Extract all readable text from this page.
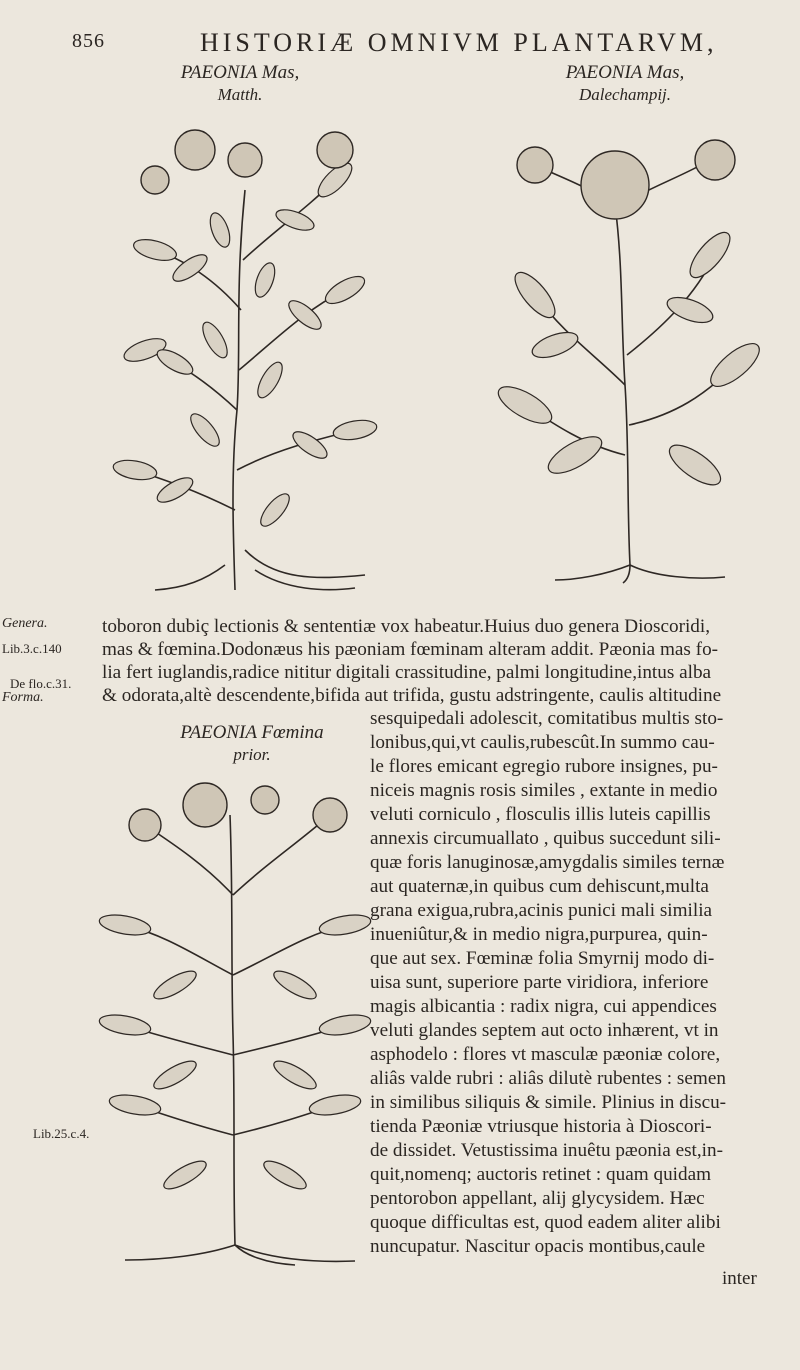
856	HISTORIÆ OMNIVM PLANTARVM,
PAEONIA Mas,
Matth.
PAEONIA Mas,
Dalechampij.
PAEONIA Fœmina
prior.
Genera.
Lib.3.c.140
De flo.c.31.
Forma.
Lib.25.c.4.
toboron dubiç lectionis & sententiæ vox habeatur.Huius duo genera Dioscoridi,
mas & fœmina.Dodonæus his pæoniam fœminam alteram addit. Pæonia mas fo-
lia fert iuglandis,radice nititur digitali crassitudine, palmi longitudine,intus alba
& odorata,altè descendente,bifida aut trifida, gustu adstringente, caulis altitudine
sesquipedali adolescit, comitatibus multis sto-
lonibus,qui,vt caulis,rubescût.In summo cau-
le flores emicant egregio rubore insignes, pu-
niceis magnis rosis similes , extante in medio
veluti corniculo , flosculis illis luteis capillis
annexis circumuallato , quibus succedunt sili-
quæ foris lanuginosæ,amygdalis similes ternæ
aut quaternæ,in quibus cum dehiscunt,multa
grana exigua,rubra,acinis punici mali similia
inueniûtur,& in medio nigra,purpurea, quin-
que aut sex. Fœminæ folia Smyrnij modo di-
uisa sunt, superiore parte viridiora, inferiore
magis albicantia : radix nigra, cui appendices
veluti glandes septem aut octo inhærent, vt in
asphodelo : flores vt masculæ pæoniæ colore,
aliâs valde rubri : aliâs dilutè rubentes : semen
in similibus siliquis & simile. Plinius in discu-
tienda Pæoniæ vtriusque historia à Dioscori-
de dissidet. Vetustissima inuêtu pæonia est,in-
quit,nomenq; auctoris retinet : quam quidam
pentorobon appellant, alij glycysidem. Hæc
quoque difficultas est, quod eadem aliter alibi
nuncupatur. Nascitur opacis montibus,caule
inter
